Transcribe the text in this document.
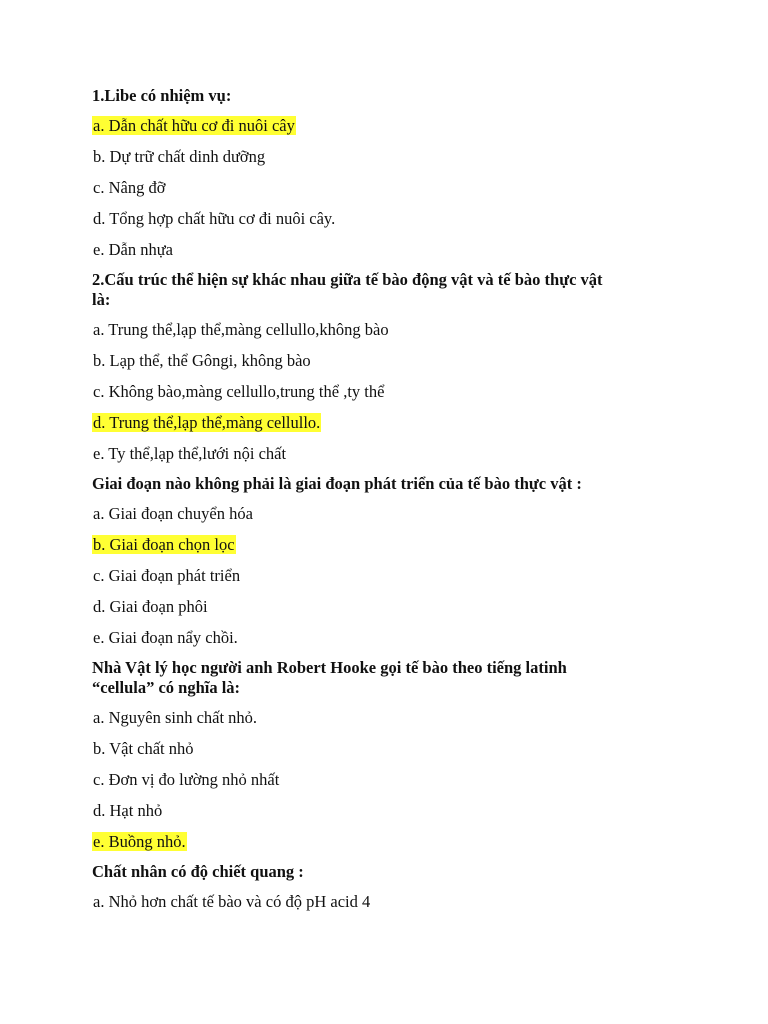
1.Libe có nhiệm vụ:
a. Dẫn chất hữu cơ đi nuôi cây
b. Dự trữ chất dinh dưỡng
c. Nâng đỡ
d. Tổng hợp chất hữu cơ đi nuôi cây.
e. Dẫn nhựa
2.Cấu trúc thể hiện sự khác nhau giữa tế bào động vật và tế bào thực vật
là:
a. Trung thể,lạp thể,màng cellullo,không bào
b. Lạp thể, thể Gôngi, không bào
c. Không bào,màng cellullo,trung thể ,ty thể
d. Trung thể,lạp thể,màng cellullo.
e. Ty thể,lạp thể,lưới nội chất
Giai đoạn nào không phải là giai đoạn phát triển của tế bào thực vật :
a. Giai đoạn chuyển hóa
b. Giai đoạn chọn lọc
c. Giai đoạn phát triển
d. Giai đoạn phôi
e. Giai đoạn nẩy chồi.
Nhà Vật lý học người anh Robert Hooke gọi tế bào theo tiếng latinh
“cellula” có nghĩa là:
a. Nguyên sinh chất nhỏ.
b. Vật chất nhỏ
c. Đơn vị đo lường nhỏ nhất
d. Hạt nhỏ
e. Buồng nhỏ.
Chất nhân có độ chiết quang :
a. Nhỏ hơn chất tế bào và có độ pH acid 4
